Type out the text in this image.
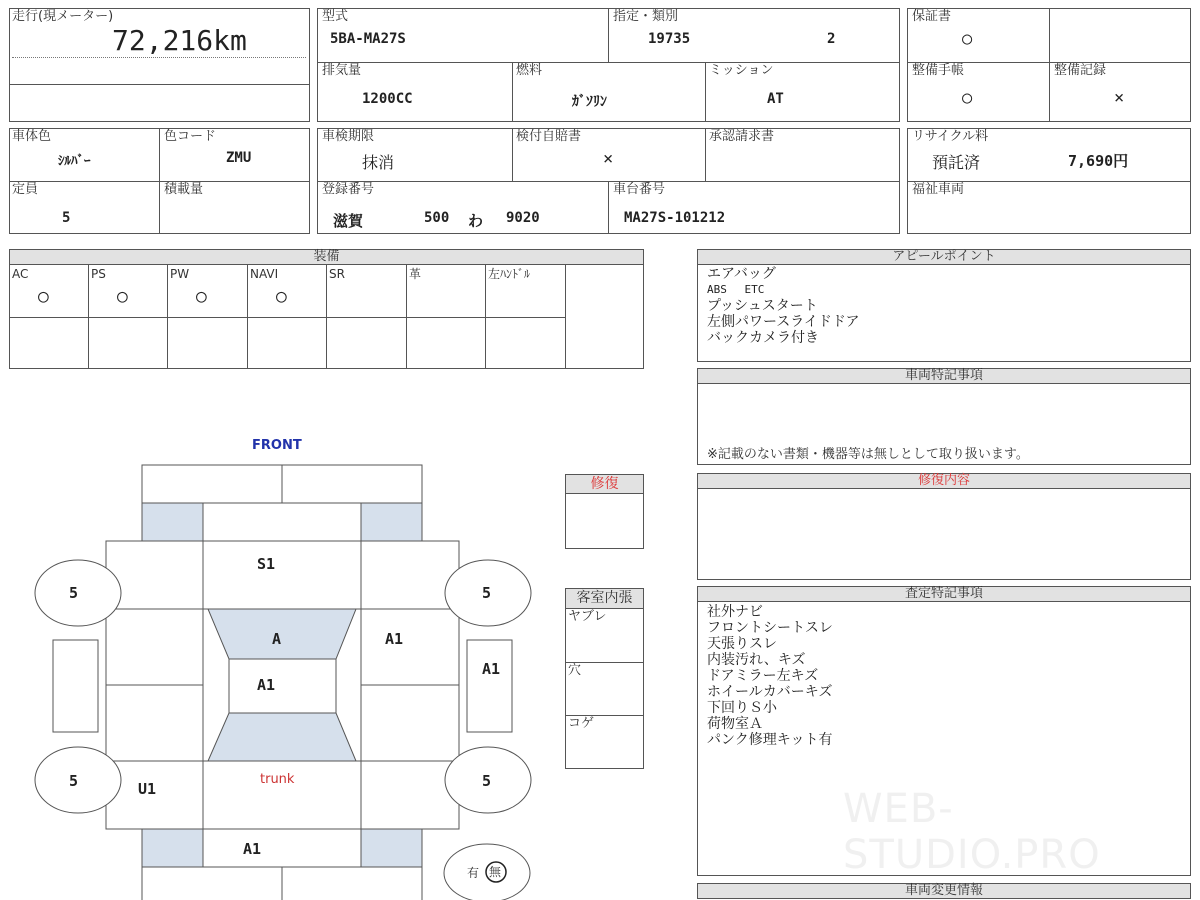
走行(現メーター)
72,216km
型式
5BA-MA27S
指定・類別
19735	2
排気量
1200CC
燃料
ｶﾞｿﾘﾝ
ミッション
AT
保証書
○
整備手帳
○
整備記録
×
車体色
ｼﾙﾊﾞｰ
色コード
ZMU
定員
5
積載量
車検期限
抹消
検付自賠書
×
承認請求書
登録番号
滋賀	500 わ 9020
車台番号
MA27S-101212
リサイクル料
預託済	7,690円
福祉車両
装備
AC
○
PS
○
PW
○
NAVI
○
SR	革	左ﾊﾝﾄﾞﾙ
アピールポイント
エアバッグ
ABS　 ETC
プッシュスタート
左側パワースライドドア
バックカメラ付き
車両特記事項
※記載のない書類・機器等は無しとして取り扱います。
修復内容
査定特記事項
社外ナビ
フロントシートスレ
天張りスレ
内装汚れ、キズ
ドアミラー左キズ
ホイールカバーキズ
下回りＳ小
荷物室Ａ
パンク修理キット有
WEB-STUDIO.PRO
車両変更情報
修復
客室内張
ヤブレ
穴
コゲ
FRONT
trunk
5	5
5	5
S1
A
A1
A1
A1
U1
A1
有 無
